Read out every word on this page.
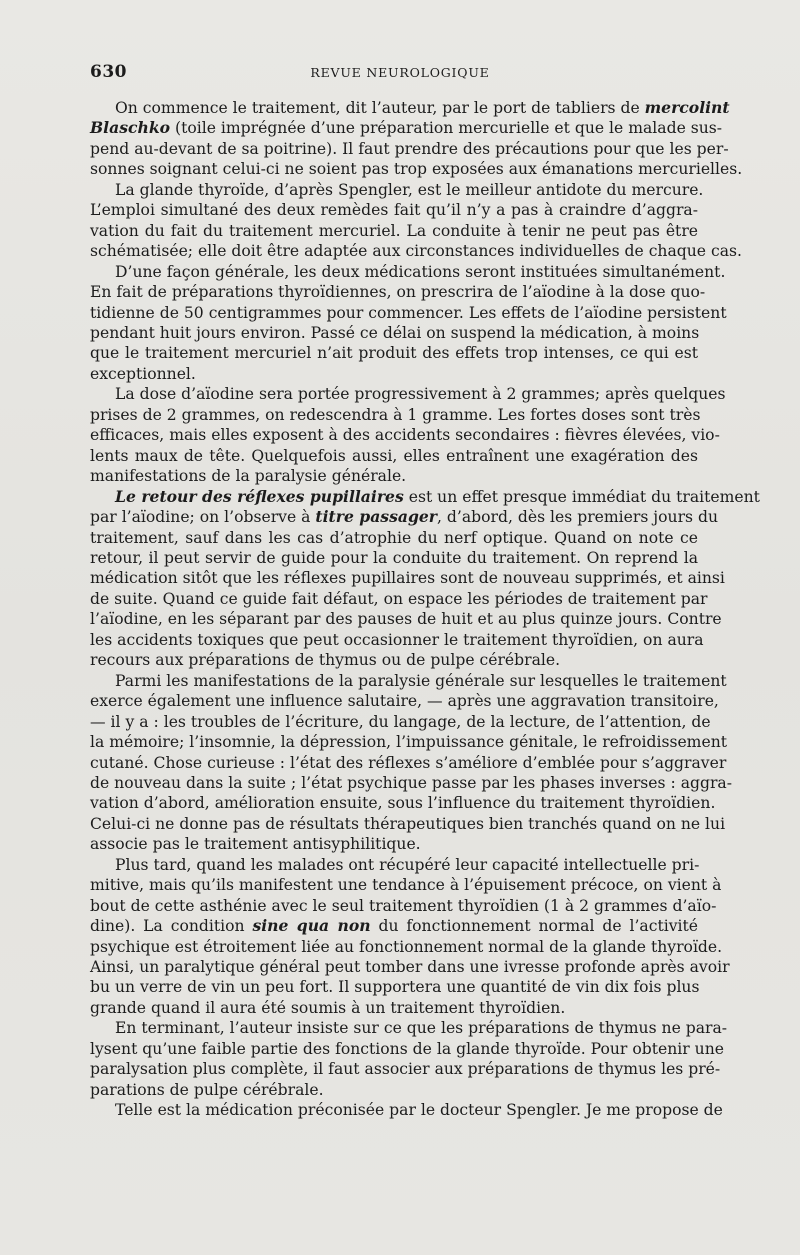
630	REVUE NEUROLOGIQUE
On commence le traitement, dit l’auteur, par le port de tabliers de mercolint
Blaschko (toile imprégnée d’une préparation mercurielle et que le malade sus-
pend au-devant de sa poitrine). Il faut prendre des précautions pour que les per-
sonnes soignant celui-ci ne soient pas trop exposées aux émanations mercurielles.
La glande thyroïde, d’après Spengler, est le meilleur antidote du mercure.
L’emploi simultané des deux remèdes fait qu’il n’y a pas à craindre d’aggra-
vation du fait du traitement mercuriel. La conduite à tenir ne peut pas être
schématisée; elle doit être adaptée aux circonstances individuelles de chaque cas.
D’une façon générale, les deux médications seront instituées simultanément.
En fait de préparations thyroïdiennes, on prescrira de l’aïodine à la dose quo-
tidienne de 50 centigrammes pour commencer. Les effets de l’aïodine persistent
pendant huit jours environ. Passé ce délai on suspend la médication, à moins
que le traitement mercuriel n’ait produit des effets trop intenses, ce qui est
exceptionnel.
La dose d’aïodine sera portée progressivement à 2 grammes; après quelques
prises de 2 grammes, on redescendra à 1 gramme. Les fortes doses sont très
efficaces, mais elles exposent à des accidents secondaires : fièvres élevées, vio-
lents maux de tête. Quelquefois aussi, elles entraînent une exagération des
manifestations de la paralysie générale.
Le retour des réflexes pupillaires est un effet presque immédiat du traitement
par l’aïodine; on l’observe à titre passager, d’abord, dès les premiers jours du
traitement, sauf dans les cas d’atrophie du nerf optique. Quand on note ce
retour, il peut servir de guide pour la conduite du traitement. On reprend la
médication sitôt que les réflexes pupillaires sont de nouveau supprimés, et ainsi
de suite. Quand ce guide fait défaut, on espace les périodes de traitement par
l’aïodine, en les séparant par des pauses de huit et au plus quinze jours. Contre
les accidents toxiques que peut occasionner le traitement thyroïdien, on aura
recours aux préparations de thymus ou de pulpe cérébrale.
Parmi les manifestations de la paralysie générale sur lesquelles le traitement
exerce également une influence salutaire, — après une aggravation transitoire,
— il y a : les troubles de l’écriture, du langage, de la lecture, de l’attention, de
la mémoire; l’insomnie, la dépression, l’impuissance génitale, le refroidissement
cutané. Chose curieuse : l’état des réflexes s’améliore d’emblée pour s’aggraver
de nouveau dans la suite ; l’état psychique passe par les phases inverses : aggra-
vation d’abord, amélioration ensuite, sous l’influence du traitement thyroïdien.
Celui-ci ne donne pas de résultats thérapeutiques bien tranchés quand on ne lui
associe pas le traitement antisyphilitique.
Plus tard, quand les malades ont récupéré leur capacité intellectuelle pri-
mitive, mais qu’ils manifestent une tendance à l’épuisement précoce, on vient à
bout de cette asthénie avec le seul traitement thyroïdien (1 à 2 grammes d’aïo-
dine). La condition sine qua non du fonctionnement normal de l’activité
psychique est étroitement liée au fonctionnement normal de la glande thyroïde.
Ainsi, un paralytique général peut tomber dans une ivresse profonde après avoir
bu un verre de vin un peu fort. Il supportera une quantité de vin dix fois plus
grande quand il aura été soumis à un traitement thyroïdien.
En terminant, l’auteur insiste sur ce que les préparations de thymus ne para-
lysent qu’une faible partie des fonctions de la glande thyroïde. Pour obtenir une
paralysation plus complète, il faut associer aux préparations de thymus les pré-
parations de pulpe cérébrale.
Telle est la médication préconisée par le docteur Spengler. Je me propose de
